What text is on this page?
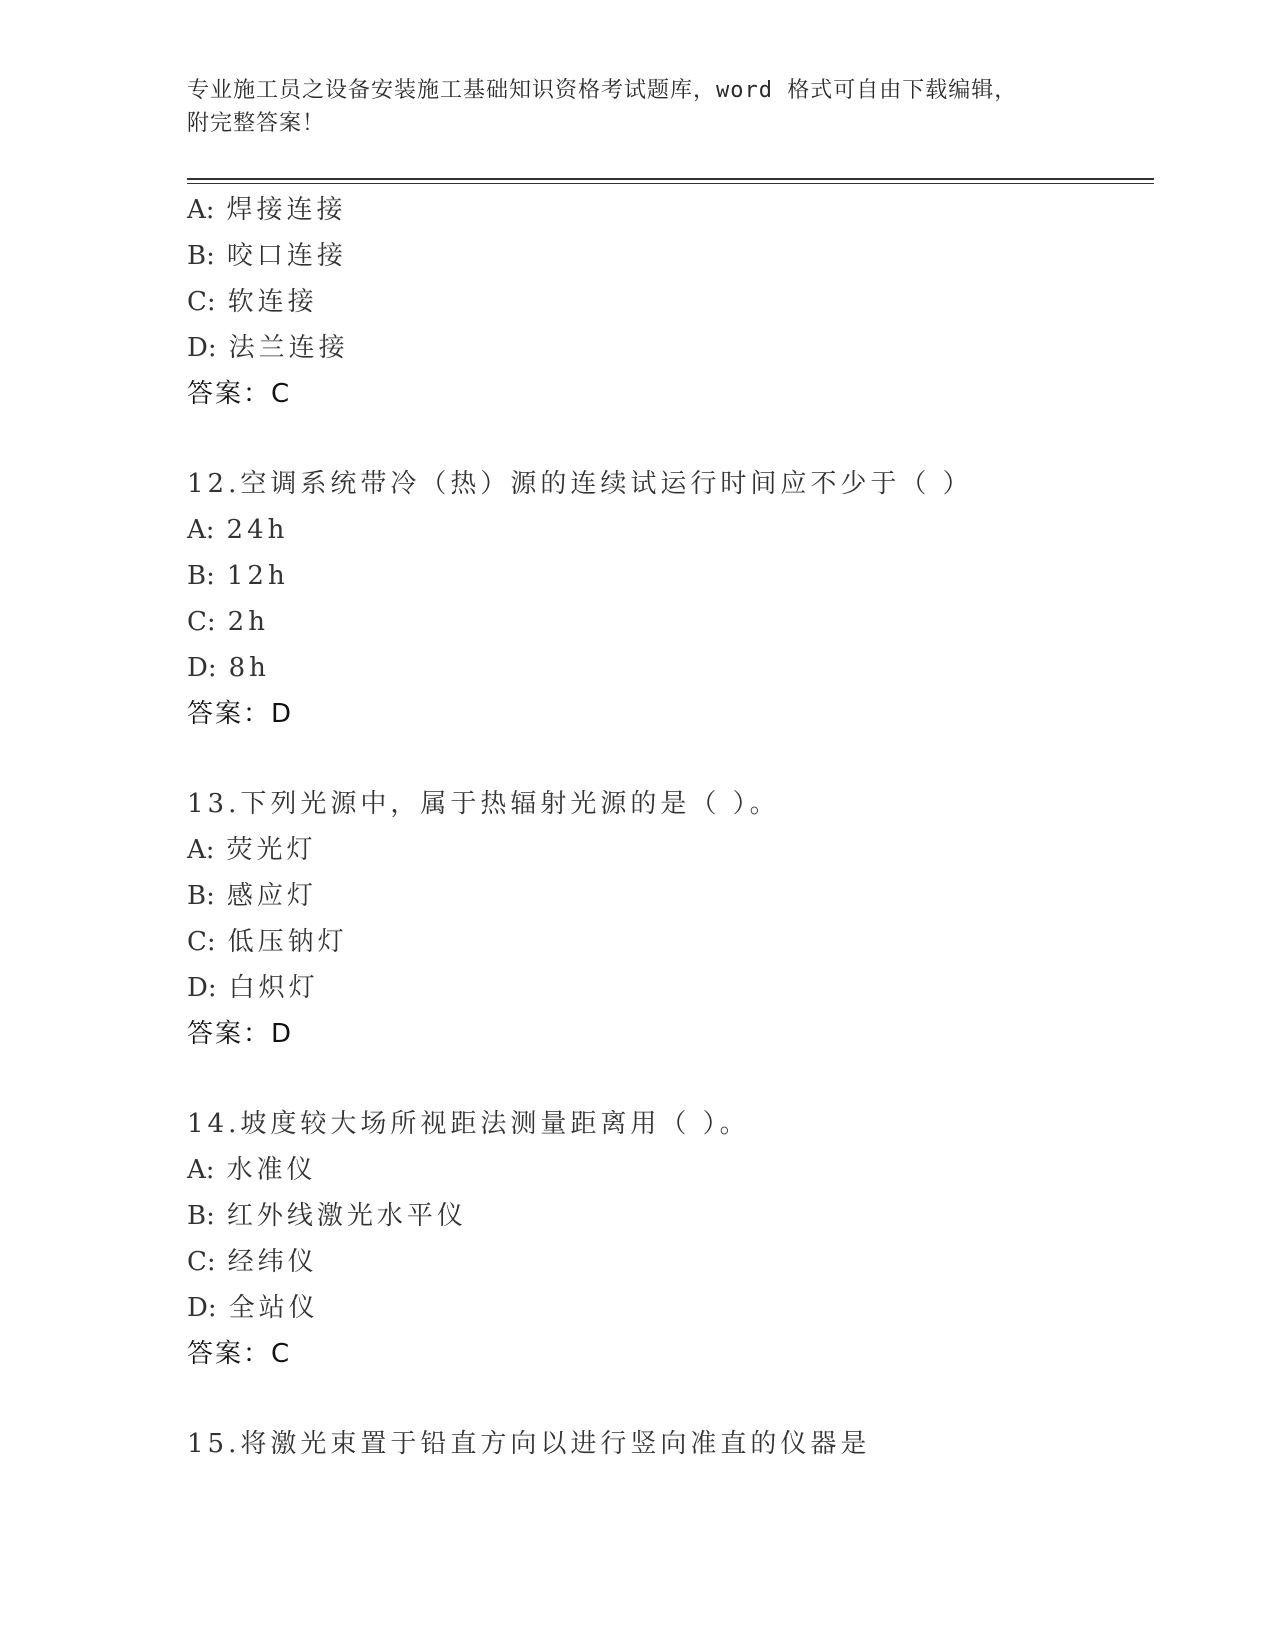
专业施工员之设备安装施工基础知识资格考试题库，word 格式可自由下载编辑，
附完整答案！
A: 焊接连接
B: 咬口连接
C: 软连接
D: 法兰连接
答案：C
12.空调系统带冷（热）源的连续试运行时间应不少于（ ）
A: 24h
B: 12h
C: 2h
D: 8h
答案：D
13.下列光源中，属于热辐射光源的是（ ）。
A: 荧光灯
B: 感应灯
C: 低压钠灯
D: 白炽灯
答案：D
14.坡度较大场所视距法测量距离用（ ）。
A: 水准仪
B: 红外线激光水平仪
C: 经纬仪
D: 全站仪
答案：C
15.将激光束置于铅直方向以进行竖向准直的仪器是
